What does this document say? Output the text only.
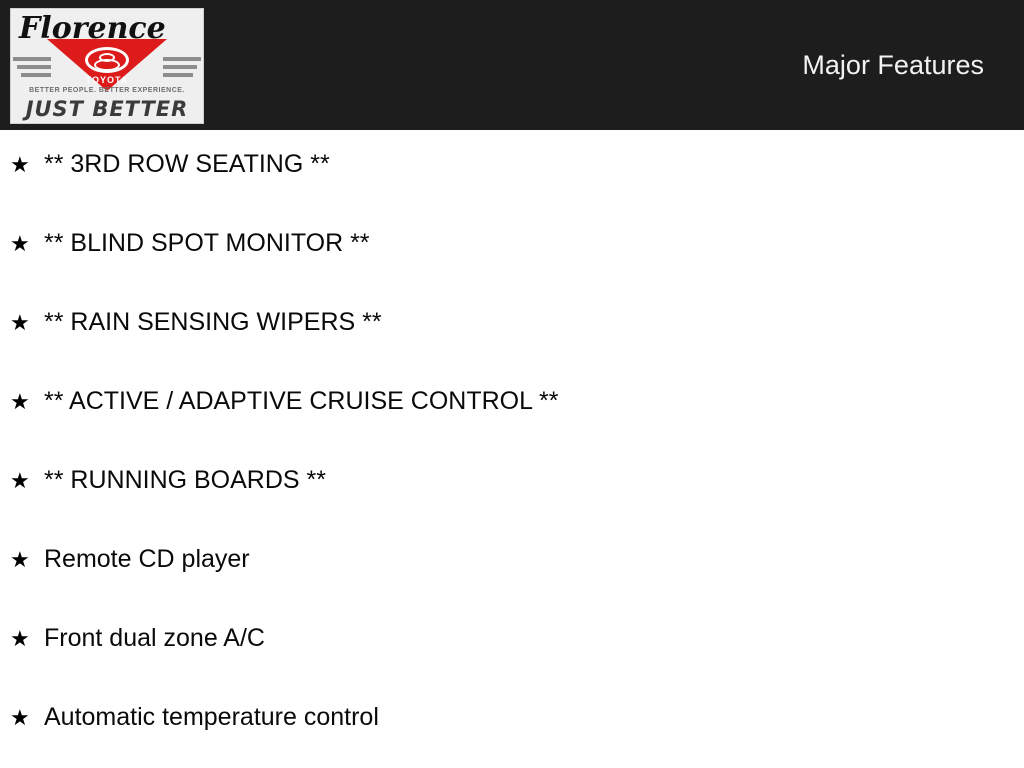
Florence
TOYOTA
BETTER PEOPLE. BETTER EXPERIENCE.
JUST BETTER
Major Features
★ ** 3RD ROW SEATING **
★ ** BLIND SPOT MONITOR **
★ ** RAIN SENSING WIPERS **
★ ** ACTIVE / ADAPTIVE CRUISE CONTROL **
★ ** RUNNING BOARDS **
★ Remote CD player
★ Front dual zone A/C
★ Automatic temperature control
